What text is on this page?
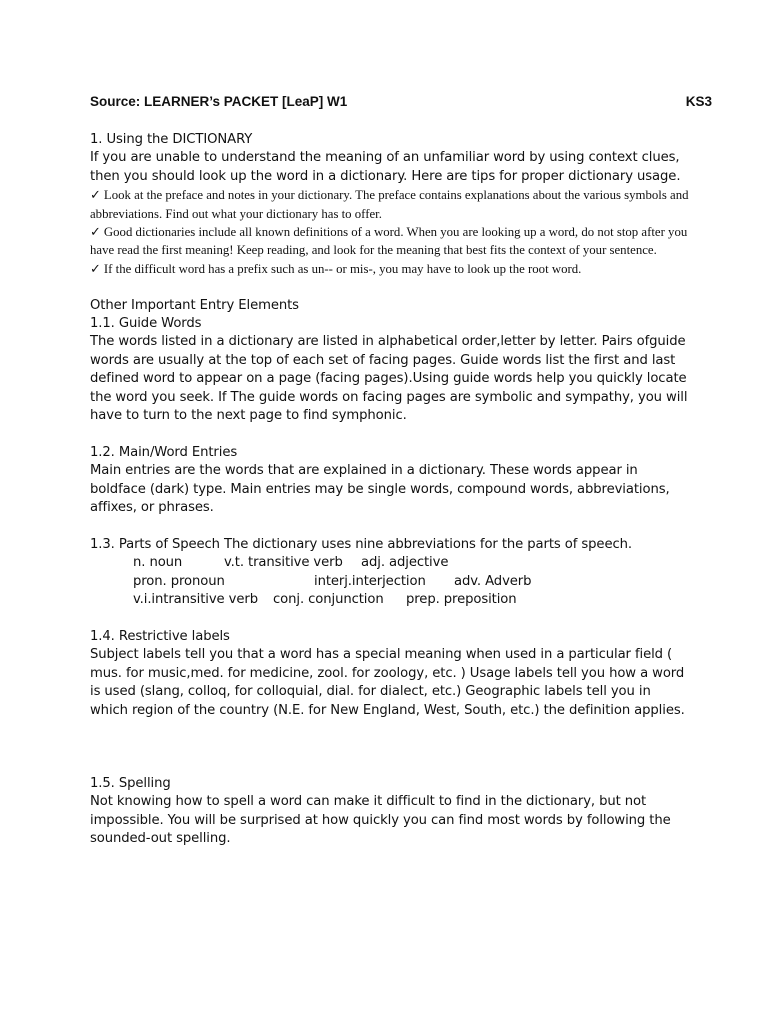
Source: LEARNER’s PACKET [LeaP] W1	KS3

1. Using the DICTIONARY

If you are unable to understand the meaning of an unfamiliar word by using context clues, then you should look up the word in a dictionary. Here are tips for proper dictionary usage.

✓ Look at the preface and notes in your dictionary. The preface contains explanations about the various symbols and abbreviations. Find out what your dictionary has to offer.

✓ Good dictionaries include all known definitions of a word. When you are looking up a word, do not stop after you have read the first meaning! Keep reading, and look for the meaning that best fits the context of your sentence.

✓ If the difficult word has a prefix such as un-- or mis-, you may have to look up the root word.

Other Important Entry Elements

1.1. Guide Words

The words listed in a dictionary are listed in alphabetical order,letter by letter. Pairs ofguide words are usually at the top of each set of facing pages. Guide words list the first and last defined word to appear on a page (facing pages).Using guide words help you quickly locate the word you seek. If The guide words on facing pages are symbolic and sympathy, you will have to turn to the next page to find symphonic.

1.2. Main/Word Entries

Main entries are the words that are explained in a dictionary. These words appear in boldface (dark) type. Main entries may be single words, compound words, abbreviations, affixes, or phrases.

1.3. Parts of Speech The dictionary uses nine abbreviations for the parts of speech.

n. noun	v.t. transitive verb	adj. adjective
pron. pronoun	interj.interjection	adv. Adverb
v.i.intransitive verb	conj. conjunction	prep. preposition

1.4. Restrictive labels

Subject labels tell you that a word has a special meaning when used in a particular field ( mus. for music,med. for medicine, zool. for zoology, etc. ) Usage labels tell you how a word is used (slang, colloq, for colloquial, dial. for dialect, etc.) Geographic labels tell you in which region of the country (N.E. for New England, West, South, etc.) the definition applies.

1.5. Spelling

Not knowing how to spell a word can make it difficult to find in the dictionary, but not impossible. You will be surprised at how quickly you can find most words by following the sounded-out spelling.
